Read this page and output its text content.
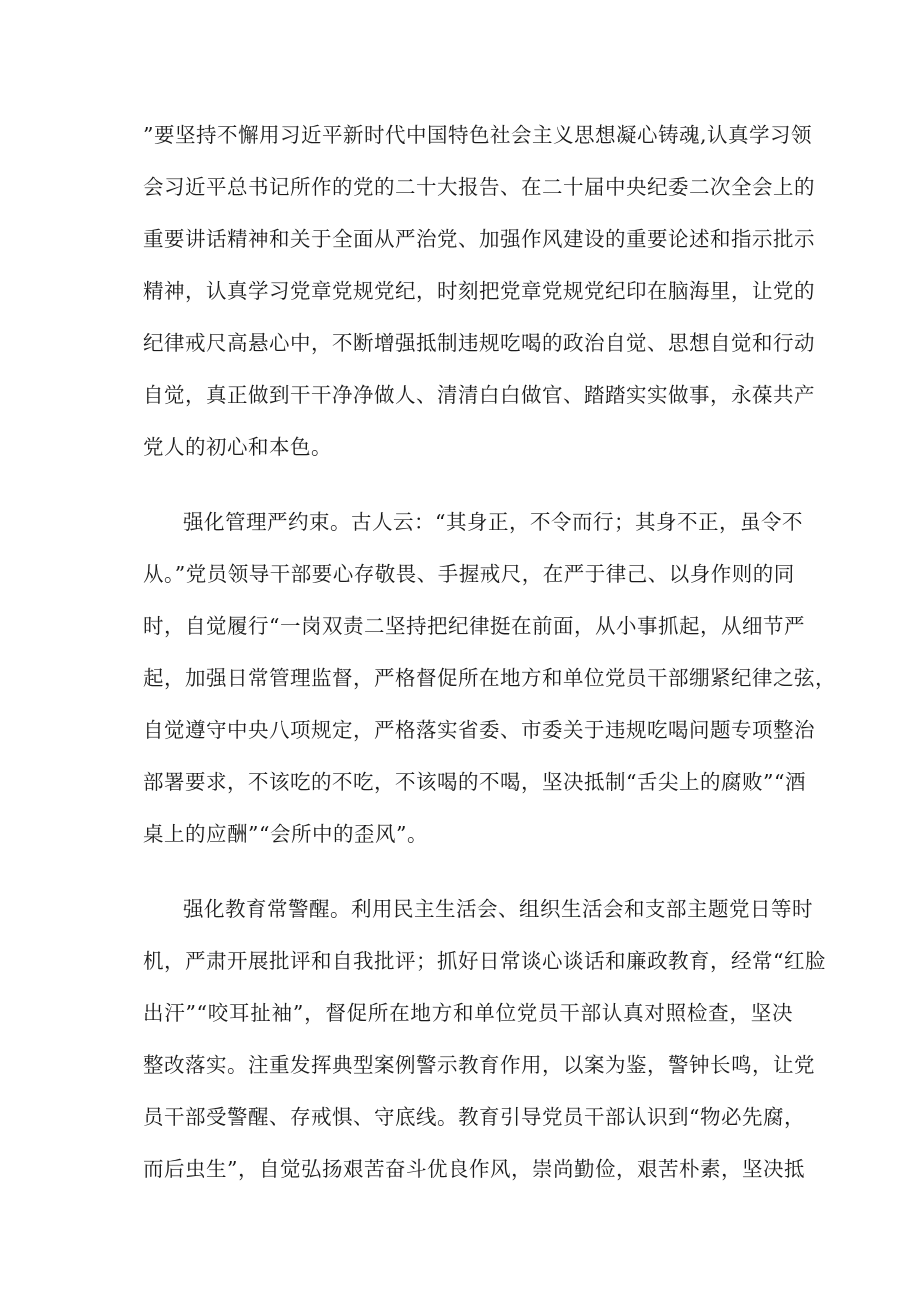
”要坚持不懈用习近平新时代中国特色社会主义思想凝心铸魂,认真学习领
会习近平总书记所作的党的二十大报告、在二十届中央纪委二次全会上的
重要讲话精神和关于全面从严治党、加强作风建设的重要论述和指示批示
精神，认真学习党章党规党纪，时刻把党章党规党纪印在脑海里，让党的
纪律戒尺高悬心中，不断增强抵制违规吃喝的政治自觉、思想自觉和行动
自觉，真正做到干干净净做人、清清白白做官、踏踏实实做事，永葆共产
党人的初心和本色。
强化管理严约束。古人云：“其身正，不令而行；其身不正，虽令不
从。”党员领导干部要心存敬畏、手握戒尺，在严于律己、以身作则的同
时，自觉履行“一岗双责二坚持把纪律挺在前面，从小事抓起，从细节严
起，加强日常管理监督，严格督促所在地方和单位党员干部绷紧纪律之弦，
自觉遵守中央八项规定，严格落实省委、市委关于违规吃喝问题专项整治
部署要求，不该吃的不吃，不该喝的不喝，坚决抵制“舌尖上的腐败”“酒
桌上的应酬”“会所中的歪风”。
强化教育常警醒。利用民主生活会、组织生活会和支部主题党日等时
机，严肃开展批评和自我批评；抓好日常谈心谈话和廉政教育，经常“红脸
出汗”“咬耳扯袖”，督促所在地方和单位党员干部认真对照检查，坚决
整改落实。注重发挥典型案例警示教育作用，以案为鉴，警钟长鸣，让党
员干部受警醒、存戒惧、守底线。教育引导党员干部认识到“物必先腐，
而后虫生”，自觉弘扬艰苦奋斗优良作风，崇尚勤俭，艰苦朴素，坚决抵
